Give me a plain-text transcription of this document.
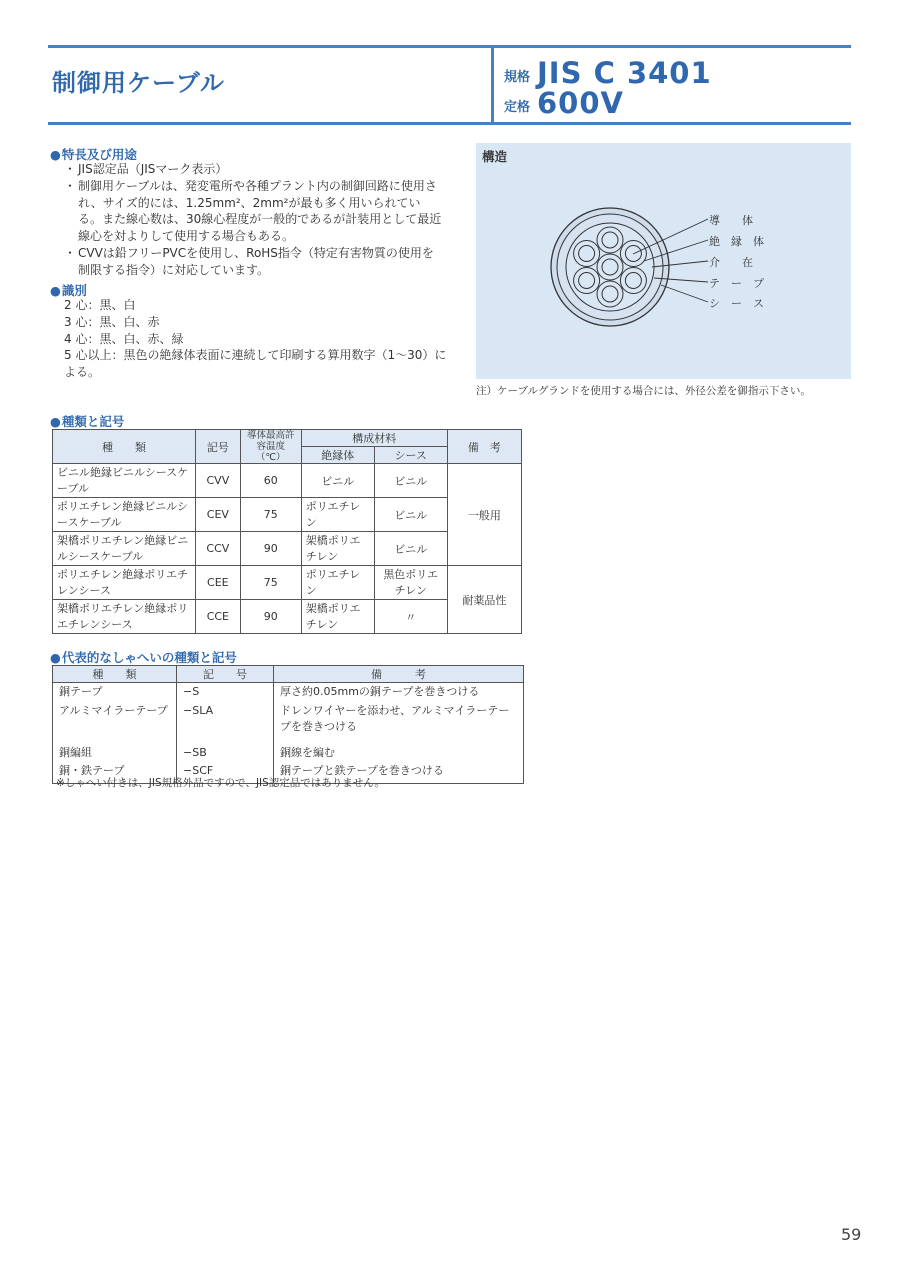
制御用ケーブル	規格 JIS C 3401
定格 600V
● 特長及び用途
・ JIS認定品（JISマーク表示）
・ 制御用ケーブルは、発変電所や各種プラント内の制御回路に使用され、サイズ的には、1.25mm²、2mm²が最も多く用いられている。また線心数は、30線心程度が一般的であるが計装用として最近線心を対よりして使用する場合もある。
・ CVVは鉛フリーPVCを使用し、RoHS指令（特定有害物質の使用を制限する指令）に対応しています。
● 識別
2 心：黒、白
3 心：黒、白、赤
4 心：黒、白、赤、緑
5 心以上：黒色の絶縁体表面に連続して印刷する算用数字（1～30）による。
構造
導　　体
絶　縁　体
介　　在
テ　ー　プ
シ　ー　ス
注）ケーブルグランドを使用する場合には、外径公差を御指示下さい。
● 種類と記号
種　　類	記号	導体最高許容温度（℃）	構成材料		備　考
			絶縁体	シース	
ビニル絶縁ビニルシースケーブル	CVV	60	ビニル	ビニル	一般用
ポリエチレン絶縁ビニルシースケーブル	CEV	75	ポリエチレン	ビニル	
架橋ポリエチレン絶縁ビニルシースケーブル	CCV	90	架橋ポリエチレン	ビニル	
ポリエチレン絶縁ポリエチレンシース	CEE	75	ポリエチレン	黒色ポリエチレン	耐薬品性
架橋ポリエチレン絶縁ポリエチレンシース	CCE	90	架橋ポリエチレン	〃	
● 代表的なしゃへいの種類と記号
種　　類	記　　号	備　　　考
銅テープ	−S	厚さ約0.05mmの銅テープを巻きつける
アルミマイラーテープ	−SLA	ドレンワイヤーを添わせ、アルミマイラーテープを巻きつける
銅編組	−SB	銅線を編む
銅・鉄テープ	−SCF	銅テープと鉄テープを巻きつける
※しゃへい付きは、JIS規格外品ですので、JIS認定品ではありません。
59
